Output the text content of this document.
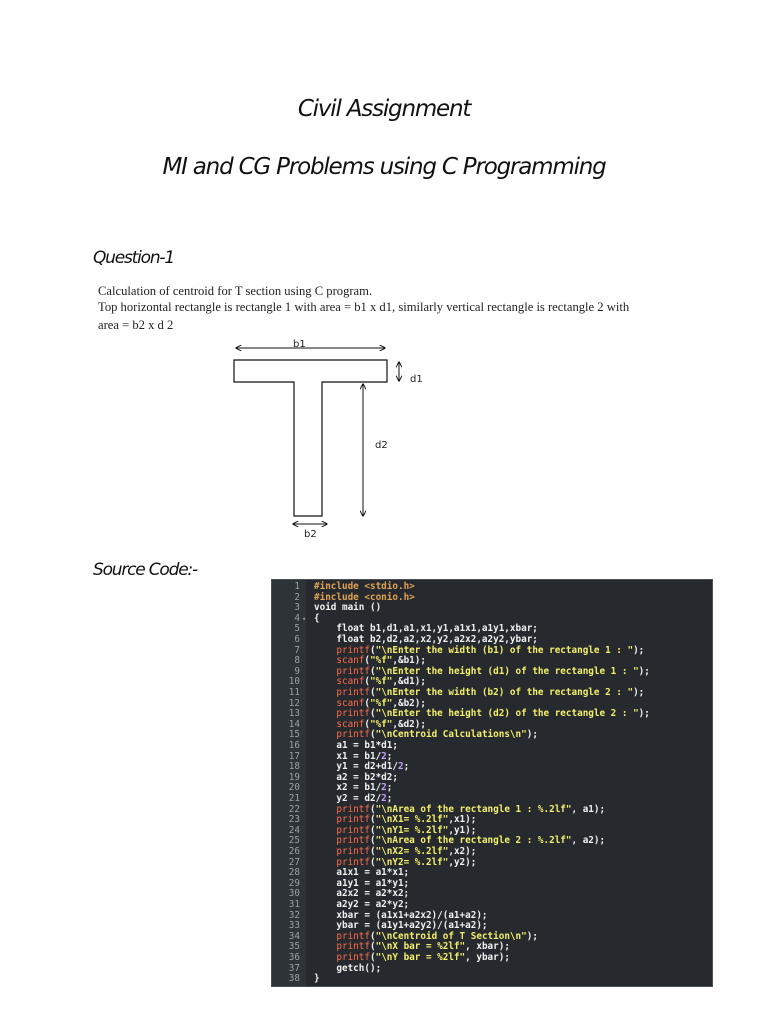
Civil Assignment
MI and CG Problems using C Programming
Question-1
Calculation of centroid for T section using C program.
Top horizontal rectangle is rectangle 1 with area = b1 x d1, similarly vertical rectangle is rectangle 2 with area = b2 x d 2
b1
d1
d2
b2
Source Code:-
1 #include <stdio.h>
2 #include <conio.h>
3 void main ()
4 ▾ {
5 float b1,d1,a1,x1,y1,a1x1,a1y1,xbar;
6 float b2,d2,a2,x2,y2,a2x2,a2y2,ybar;
7	printf("\nEnter the width (b1) of the rectangle 1 : ");
8	scanf("%f",&b1);
9	printf("\nEnter the height (d1) of the rectangle 1 : ");
10	scanf("%f",&d1);
11	printf("\nEnter the width (b2) of the rectangle 2 : ");
12	scanf("%f",&b2);
13	printf("\nEnter the height (d2) of the rectangle 2 : ");
14	scanf("%f",&d2);
15	printf("\nCentroid Calculations\n");
16 a1 = b1*d1;
17 x1 = b1/2;
18 y1 = d2+d1/2;
19 a2 = b2*d2;
20 x2 = b1/2;
21 y2 = d2/2;
22	printf("\nArea of the rectangle 1 : %.2lf", a1);
23	printf("\nX1= %.2lf",x1);
24	printf("\nY1= %.2lf",y1);
25	printf("\nArea of the rectangle 2 : %.2lf", a2);
26	printf("\nX2= %.2lf",x2);
27	printf("\nY2= %.2lf",y2);
28 a1x1 = a1*x1;
29 a1y1 = a1*y1;
30 a2x2 = a2*x2;
31 a2y2 = a2*y2;
32 xbar = (a1x1+a2x2)/(a1+a2);
33 ybar = (a1y1+a2y2)/(a1+a2);
34	printf("\nCentroid of T Section\n");
35	printf("\nX bar = %2lf", xbar);
36	printf("\nY bar = %2lf", ybar);
37 getch();
38 }
